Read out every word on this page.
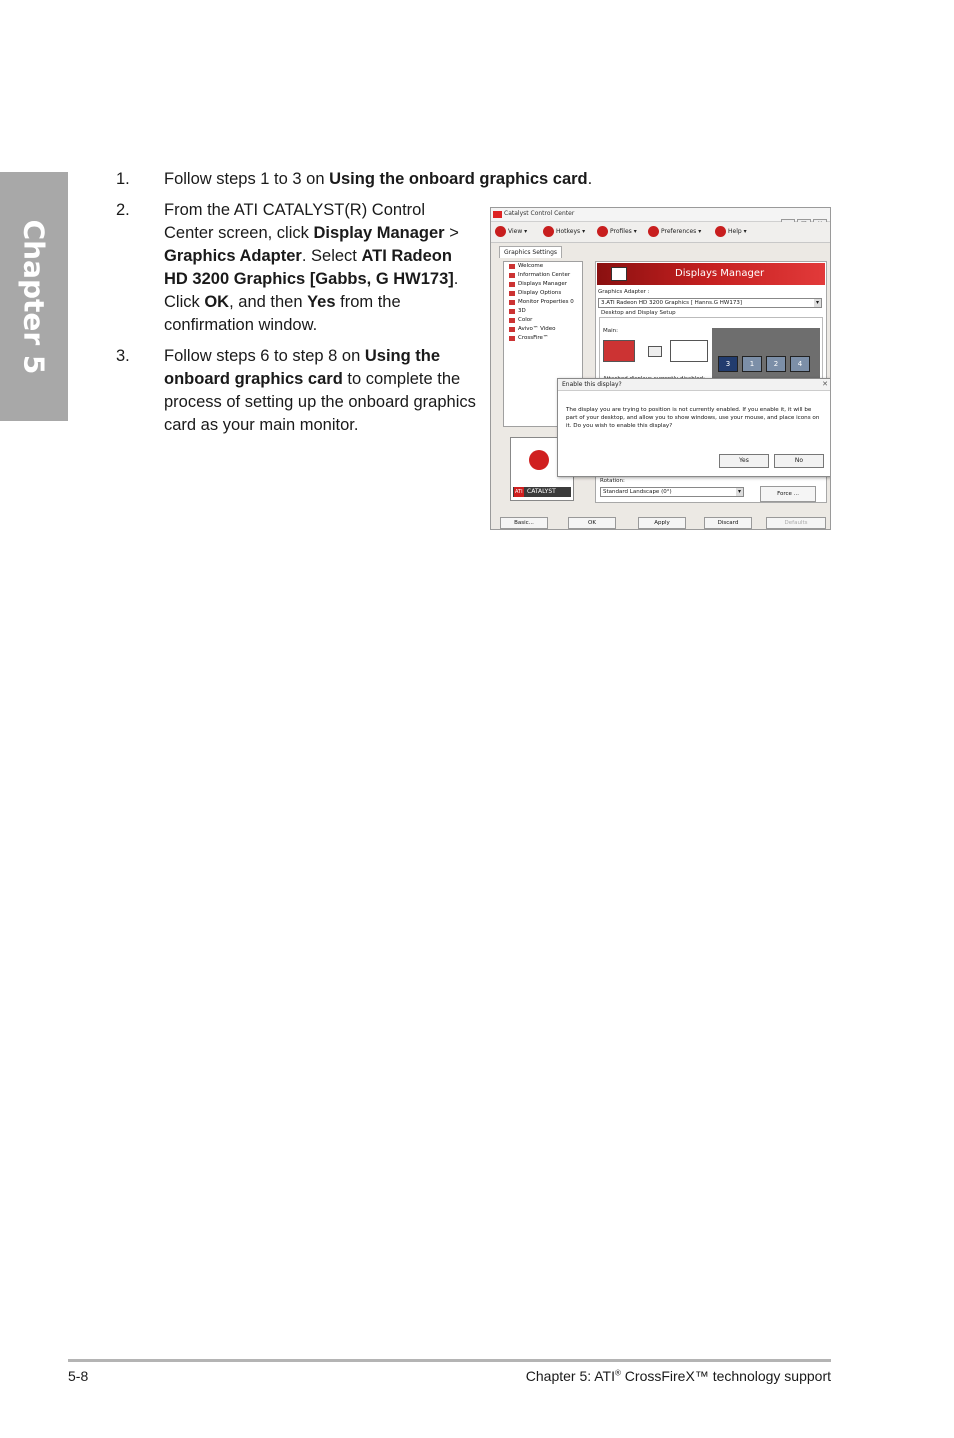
Chapter 5
1. Follow steps 1 to 3 on Using the onboard graphics card.
2. From the ATI CATALYST(R) Control Center screen, click Display Manager > Graphics Adapter. Select ATI Radeon HD 3200 Graphics [Gabbs, G HW173]. Click OK, and then Yes from the confirmation window.
3. Follow steps 6 to step 8 on Using the onboard graphics card to complete the process of setting up the onboard graphics card as your main monitor.
Catalyst Control Center
View ▾	Hotkeys ▾	Profiles ▾	Preferences ▾	Help ▾
Graphics Settings
Welcome
Information Center
Displays Manager
Display Options
Monitor Properties 0
3D
Color
Avivo™ Video
CrossFire™
ATI CATALYST
Displays Manager
Graphics Adapter :
3.ATI Radeon HD 3200 Graphics [ Hanns.G HW173] ▾
Desktop and Display Setup
Main:
3	1	2	4
Rotation:
Standard Landscape (0°) ▾	Force ...
Enable this display?	✕
The display you are trying to position is not currently enabled. If you enable it, it will be part of your desktop, and allow you to show windows, use your mouse, and place icons on it. Do you wish to enable this display?
Yes	No
Basic...	OK	Apply	Discard	Defaults
5-8	Chapter 5: ATI® CrossFireX™ technology support
